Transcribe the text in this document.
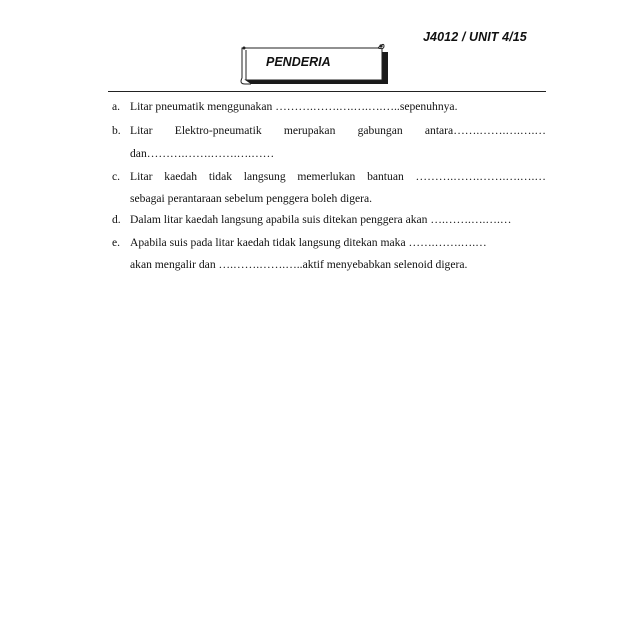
J4012 / UNIT 4/15
PENDERIA
a. Litar pneumatik menggunakan ……….…….….….….…..sepenuhnya.
b. Litar Elektro-pneumatik merupakan gabungan antara…….…….….….…
dan……….…….…….….……
c. Litar kaedah tidak langsung memerlukan bantuan ……….…….…….….….…
sebagai perantaraan sebelum penggera boleh digera.
d. Dalam litar kaedah langsung apabila suis ditekan penggera akan ….…….….….…
e. Apabila suis pada litar kaedah tidak langsung ditekan maka …….…….….…
akan mengalir dan ….…….…….…..aktif menyebabkan selenoid digera.
